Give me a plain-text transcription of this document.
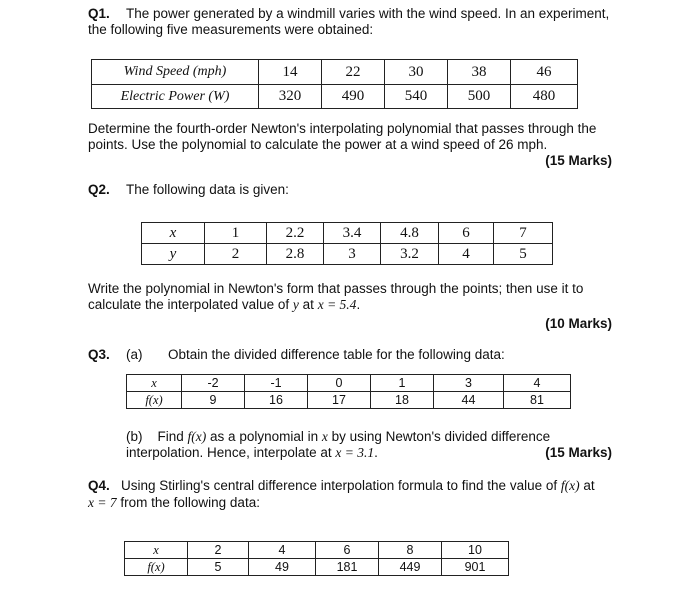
Q1. The power generated by a windmill varies with the wind speed. In an experiment,
the following five measurements were obtained:
Wind Speed (mph)	14	22	30	38	46
Electric Power (W)	320	490	540	500	480
Determine the fourth-order Newton's interpolating polynomial that passes through the
points. Use the polynomial to calculate the power at a wind speed of 26 mph.
(15 Marks)
Q2. The following data is given:
x	1	2.2	3.4	4.8	6	7
y	2	2.8	3	3.2	4	5
Write the polynomial in Newton's form that passes through the points; then use it to
calculate the interpolated value of y at x = 5.4.
(10 Marks)
Q3. (a) Obtain the divided difference table for the following data:
x	-2	-1	0	1	3	4
f(x)	9	16	17	18	44	81
(b) Find f(x) as a polynomial in x by using Newton's divided difference
interpolation. Hence, interpolate at x = 3.1.	(15 Marks)
Q4. Using Stirling's central difference interpolation formula to find the value of f(x) at
x = 7 from the following data:
x	2	4	6	8	10
f(x)	5	49	181	449	901
